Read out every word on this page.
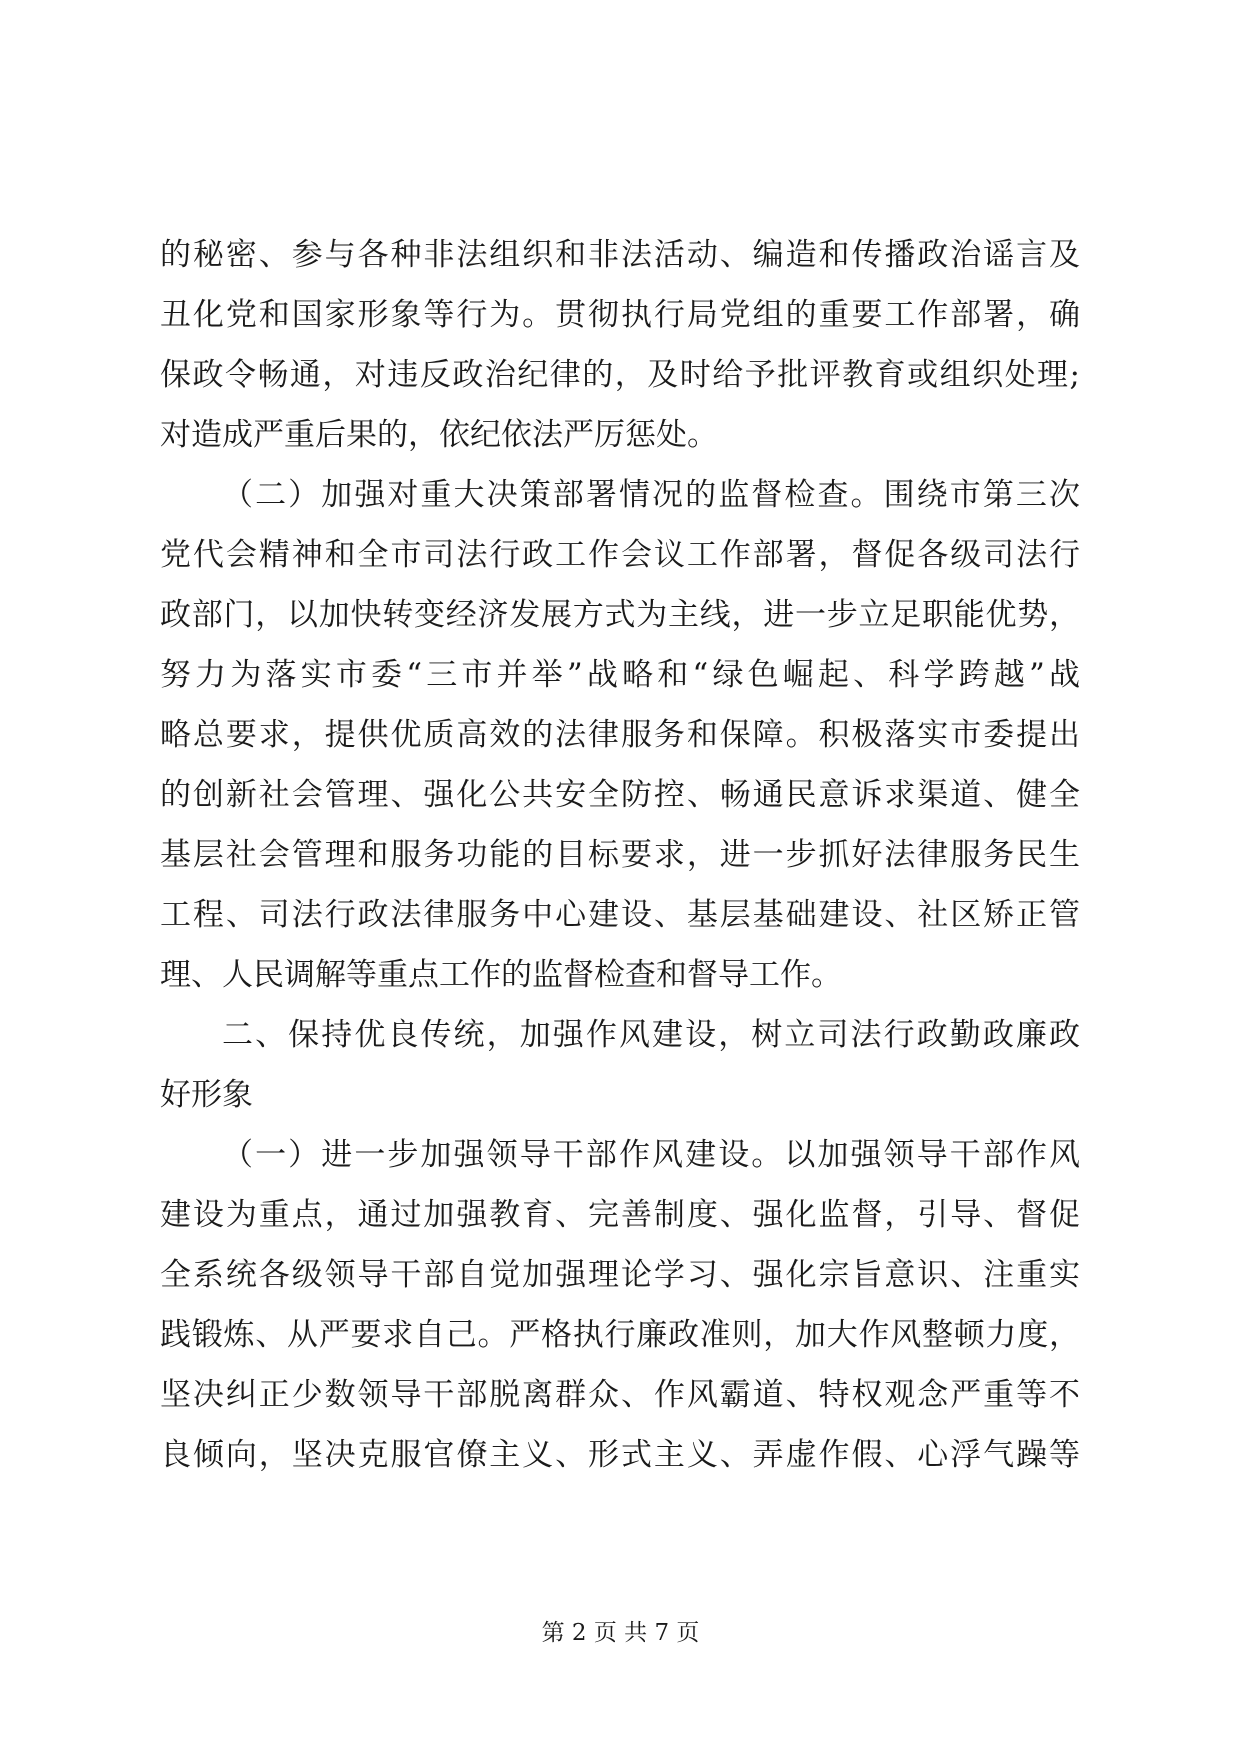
的秘密、参与各种非法组织和非法活动、编造和传播政治谣言及
丑化党和国家形象等行为。贯彻执行局党组的重要工作部署，确
保政令畅通，对违反政治纪律的，及时给予批评教育或组织处理;
对造成严重后果的，依纪依法严厉惩处。
（二）加强对重大决策部署情况的监督检查。围绕市第三次
党代会精神和全市司法行政工作会议工作部署，督促各级司法行
政部门，以加快转变经济发展方式为主线，进一步立足职能优势，
努力为落实市委“三市并举”战略和“绿色崛起、科学跨越”战
略总要求，提供优质高效的法律服务和保障。积极落实市委提出
的创新社会管理、强化公共安全防控、畅通民意诉求渠道、健全
基层社会管理和服务功能的目标要求，进一步抓好法律服务民生
工程、司法行政法律服务中心建设、基层基础建设、社区矫正管
理、人民调解等重点工作的监督检查和督导工作。
二、保持优良传统，加强作风建设，树立司法行政勤政廉政
好形象
（一）进一步加强领导干部作风建设。以加强领导干部作风
建设为重点，通过加强教育、完善制度、强化监督，引导、督促
全系统各级领导干部自觉加强理论学习、强化宗旨意识、注重实
践锻炼、从严要求自己。严格执行廉政准则，加大作风整顿力度，
坚决纠正少数领导干部脱离群众、作风霸道、特权观念严重等不
良倾向，坚决克服官僚主义、形式主义、弄虚作假、心浮气躁等
第 2 页 共 7 页
